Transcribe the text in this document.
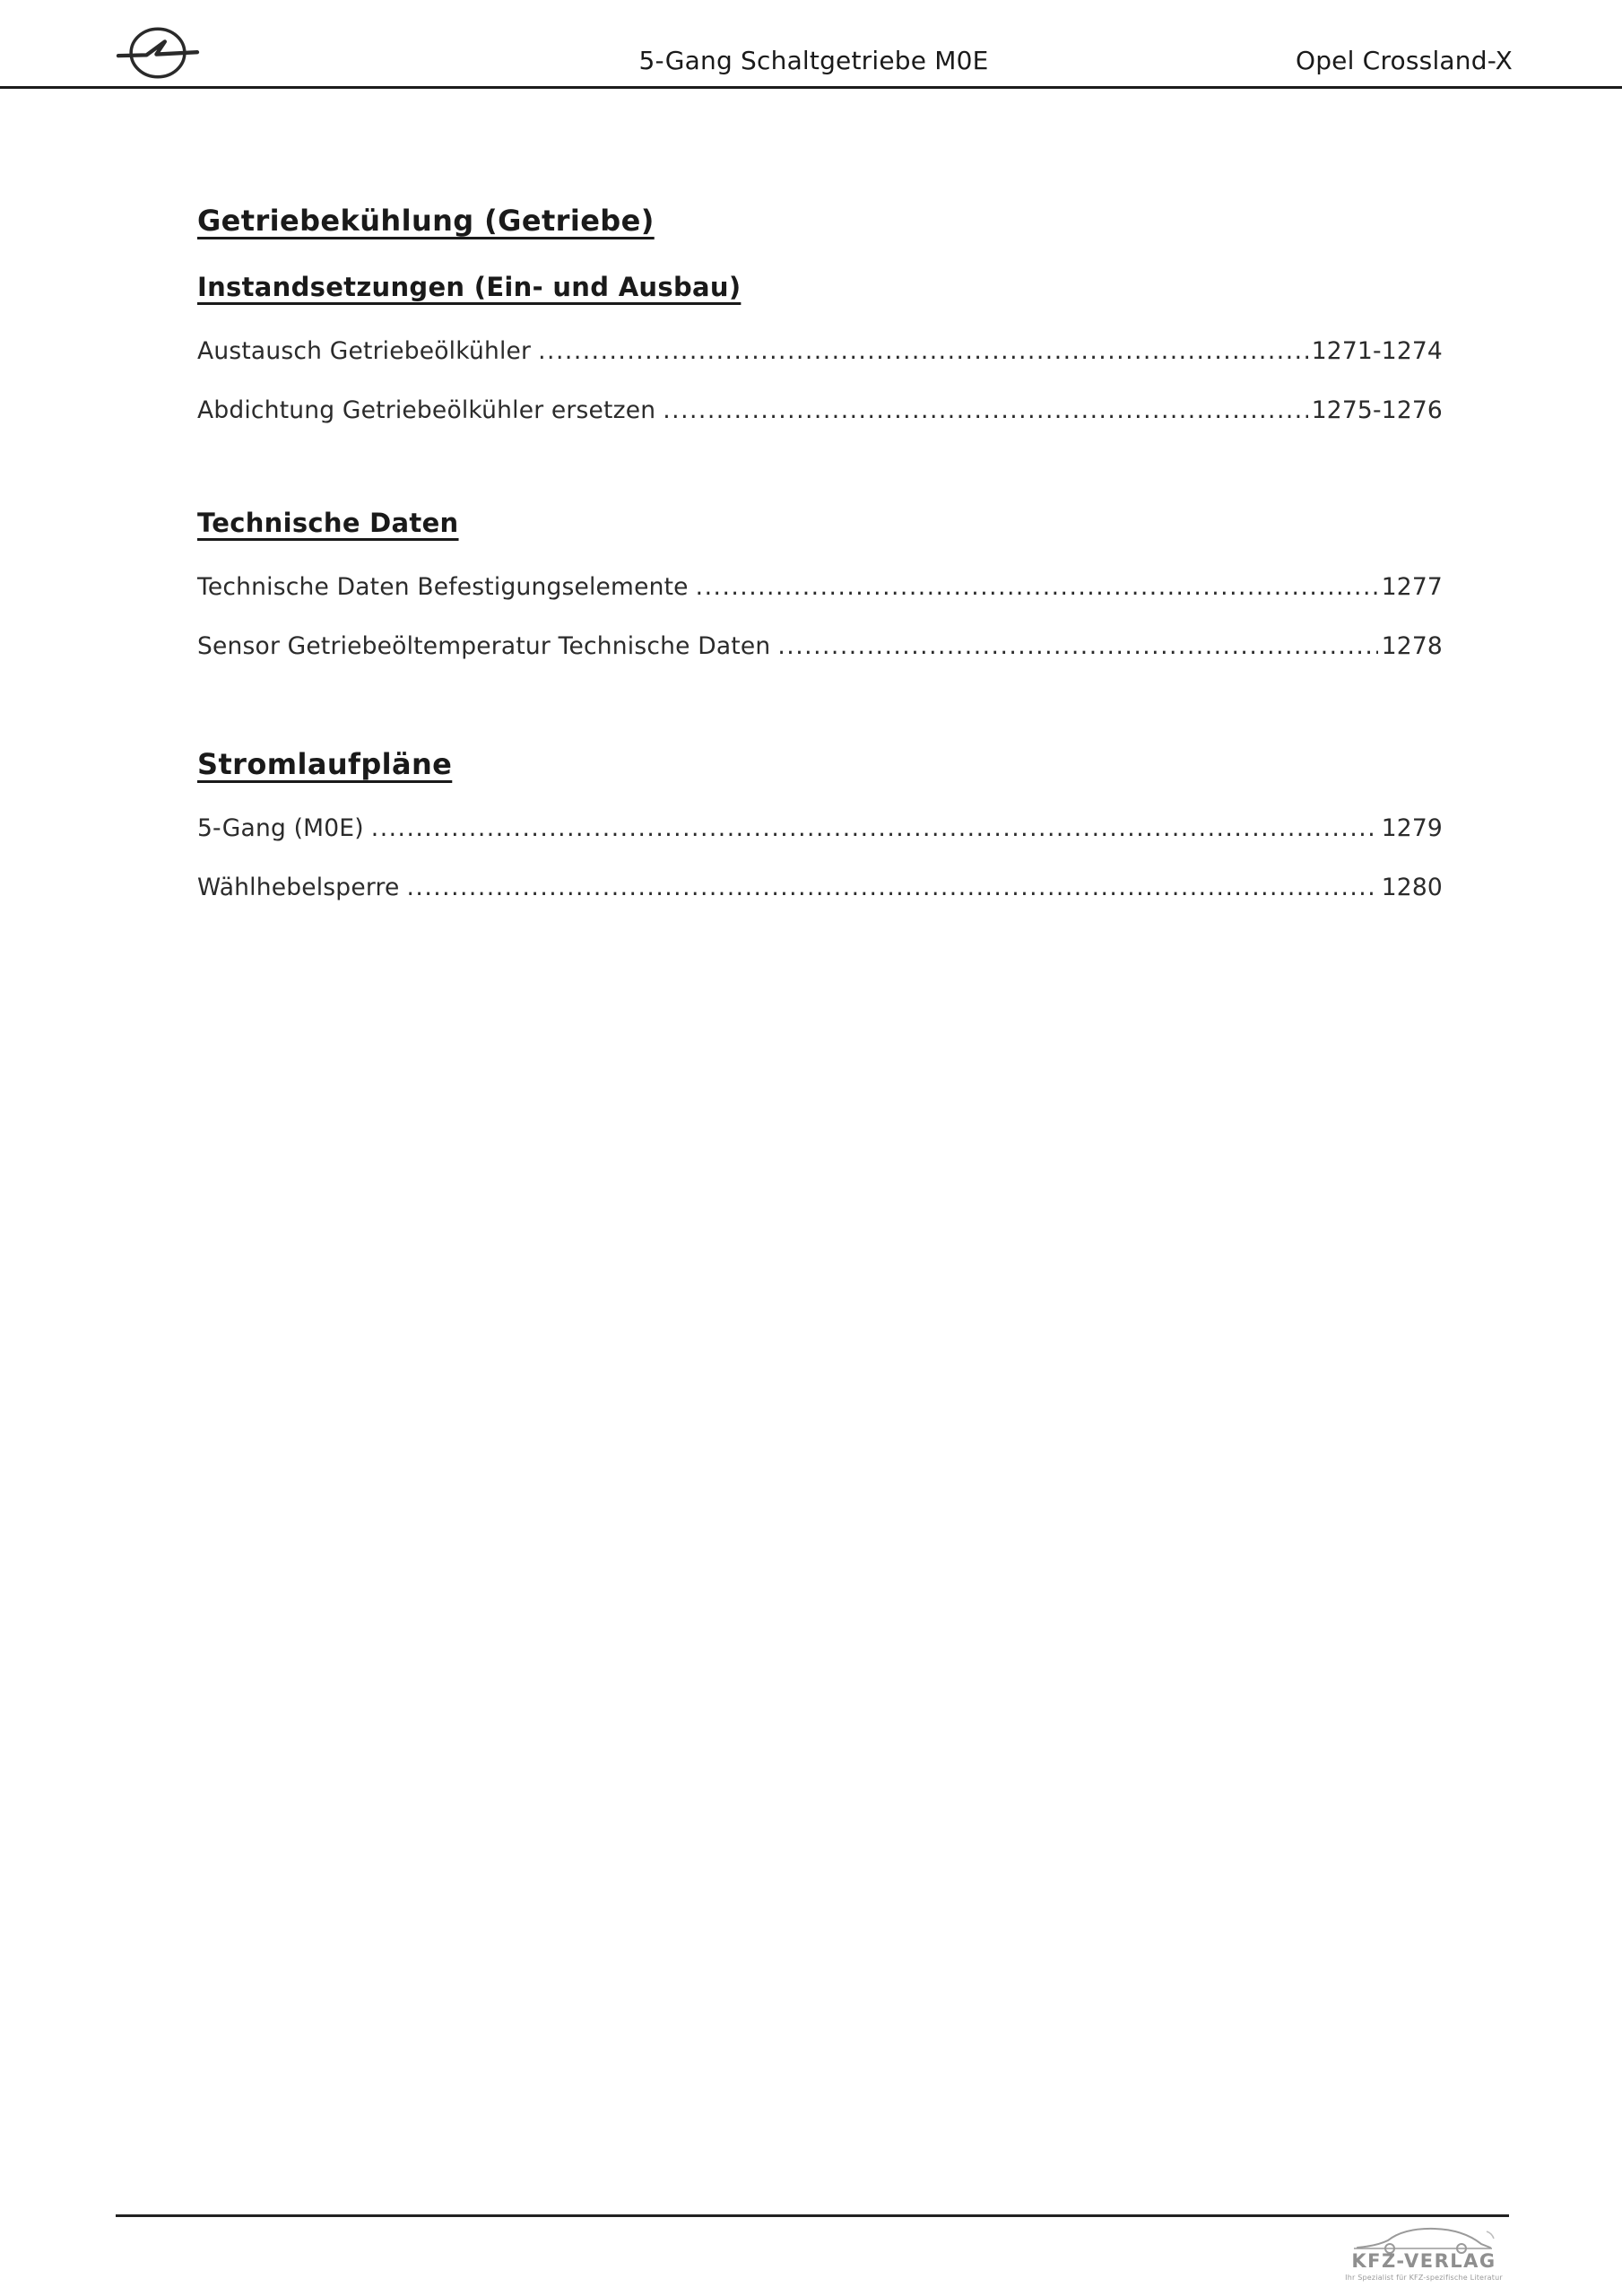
5-Gang Schaltgetriebe M0E	Opel Crossland-X
Getriebekühlung (Getriebe)
Instandsetzungen (Ein- und Ausbau)
Austausch Getriebeölkühler .....	1271-1274
Abdichtung Getriebeölkühler ersetzen .....	1275-1276
Technische Daten
Technische Daten Befestigungselemente .....	1277
Sensor Getriebeöltemperatur Technische Daten .....	1278
Stromlaufpläne
5-Gang (M0E) .....	1279
Wählhebelsperre .....	1280
KFZ-VERLAG
Ihr Spezialist für KFZ-spezifische Literatur
